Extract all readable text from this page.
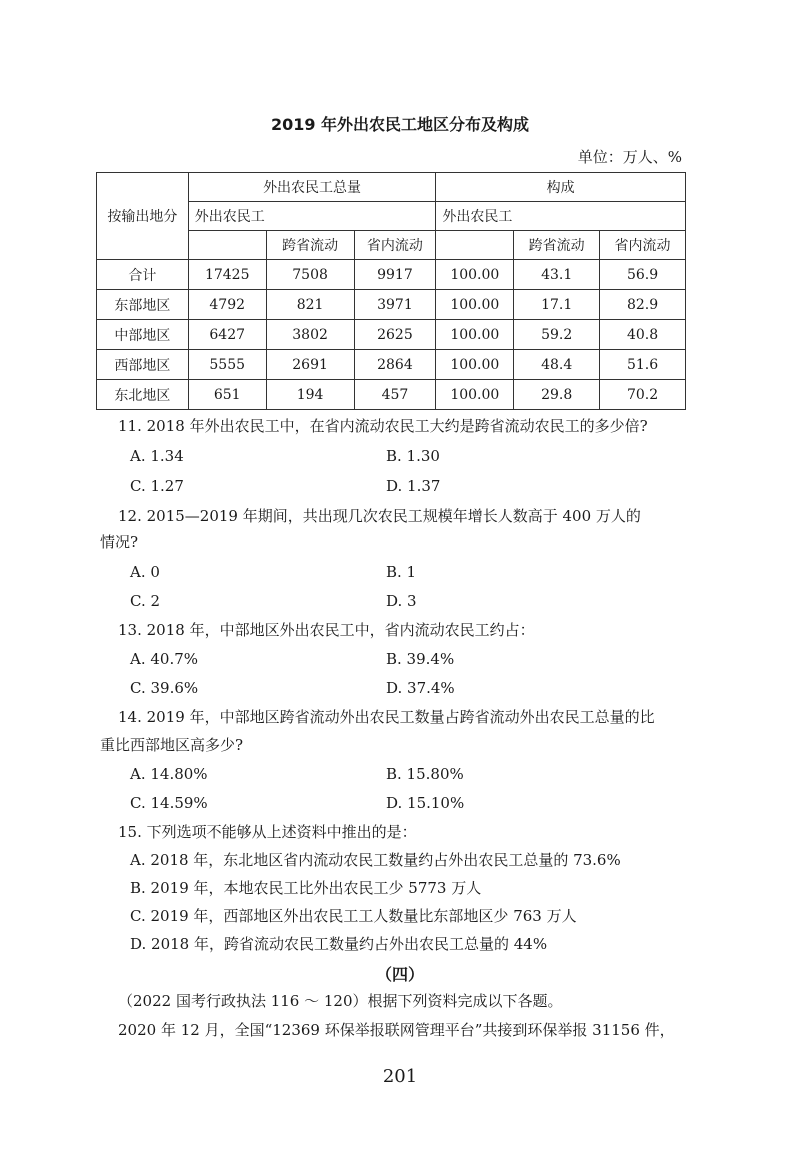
2019 年外出农民工地区分布及构成
单位：万人、%
按输出地分	外出农民工总量			构成		
	外出农民工			外出农民工		
		跨省流动	省内流动		跨省流动	省内流动
合计	17425	7508	9917	100.00	43.1	56.9
东部地区	4792	821	3971	100.00	17.1	82.9
中部地区	6427	3802	2625	100.00	59.2	40.8
西部地区	5555	2691	2864	100.00	48.4	51.6
东北地区	651	194	457	100.00	29.8	70.2
11. 2018 年外出农民工中，在省内流动农民工大约是跨省流动农民工的多少倍?
A. 1.34	B. 1.30
C. 1.27	D. 1.37
12. 2015—2019 年期间，共出现几次农民工规模年增长人数高于 400 万人的
情况?
A. 0	B. 1
C. 2	D. 3
13. 2018 年，中部地区外出农民工中，省内流动农民工约占：
A. 40.7%	B. 39.4%
C. 39.6%	D. 37.4%
14. 2019 年，中部地区跨省流动外出农民工数量占跨省流动外出农民工总量的比
重比西部地区高多少?
A. 14.80%	B. 15.80%
C. 14.59%	D. 15.10%
15. 下列选项不能够从上述资料中推出的是：
A. 2018 年，东北地区省内流动农民工数量约占外出农民工总量的 73.6%
B. 2019 年，本地农民工比外出农民工少 5773 万人
C. 2019 年，西部地区外出农民工工人数量比东部地区少 763 万人
D. 2018 年，跨省流动农民工数量约占外出农民工总量的 44%
（四）
（2022 国考行政执法 116 ～ 120）根据下列资料完成以下各题。
2020 年 12 月，全国“12369 环保举报联网管理平台”共接到环保举报 31156 件，
201
